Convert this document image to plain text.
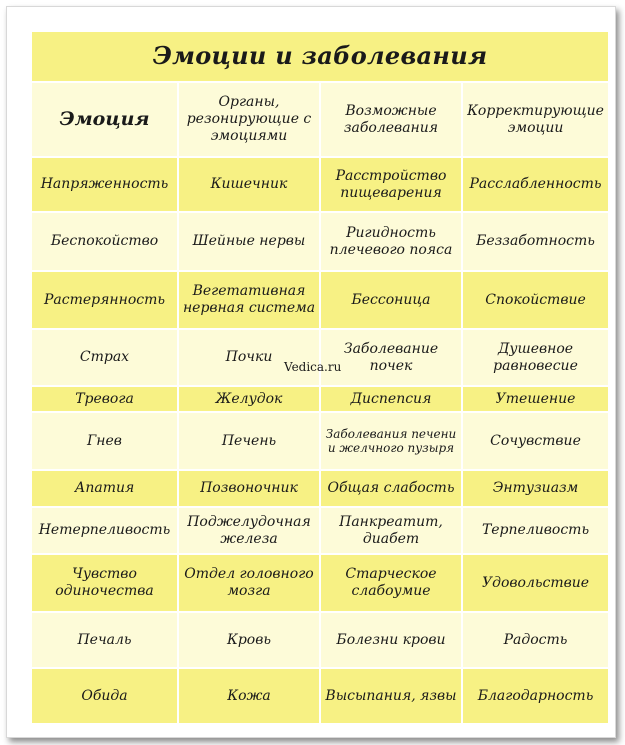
Эмоции и заболевания			
Эмоция	Органы, резонирующие с эмоциями	Возможные заболевания	Корректирующие эмоции
Напряженность	Кишечник	Расстройство пищеварения	Расслабленность
Беспокойство	Шейные нервы	Ригидность плечевого пояса	Беззаботность
Растерянность	Вегетативная нервная система	Бессоница	Спокойствие
Страх	Почки	Заболевание почек	Душевное равновесие
Тревога	Желудок	Диспепсия	Утешение
Гнев	Печень	Заболевания печени и желчного пузыря	Сочувствие
Апатия	Позвоночник	Общая слабость	Энтузиазм
Нетерпеливость	Поджелудочная железа	Панкреатит, диабет	Терпеливость
Чувство одиночества	Отдел головного мозга	Старческое слабоумие	Удовольствие
Печаль	Кровь	Болезни крови	Радость
Обида	Кожа	Высыпания, язвы	Благодарность
Vedica.ru
